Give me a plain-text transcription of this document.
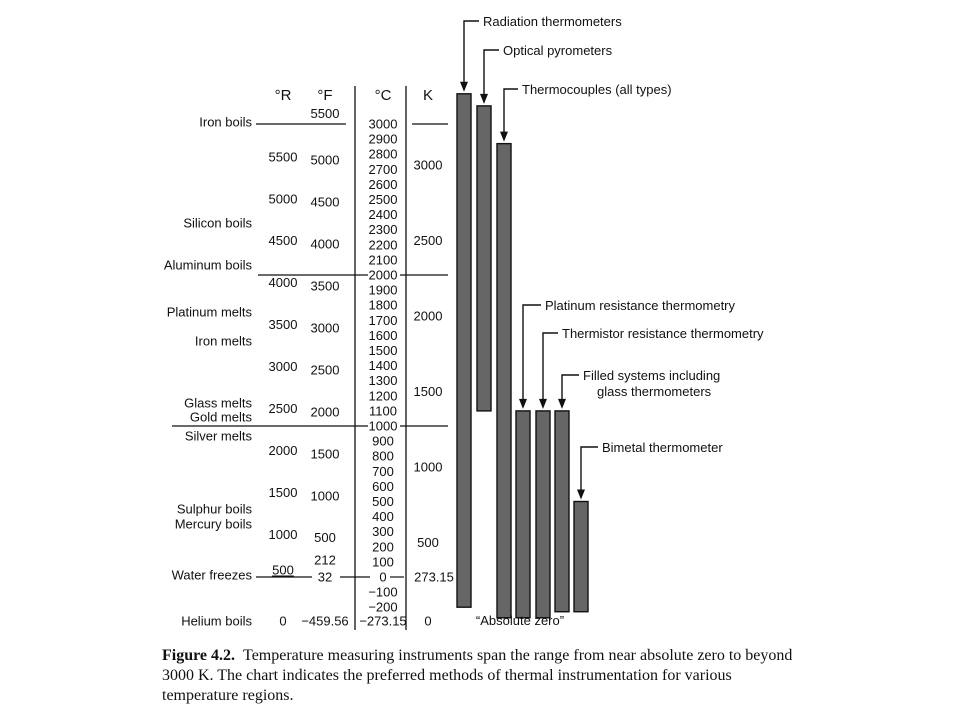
°R °F	°C K
3000
2900
2800
2700
2600
2500
2400
2300
2200
2100
2000
1900
1800
1700
1600
1500
1400
1300
1200
1100
1000
900
800
700
600
500
400
300
200
100
0
−100
−200
−273.15
5500
5000
4500
4000
3500
3000
2500
2000
1500
1000
500
212
32
−459.56
5500
5000
4500
4000
3500
3000
2500
2000
1500
1000
500
0
3000
2500
2000
1500
1000
500
273.15
0
Iron boils
Silicon boils
Aluminum boils
Platinum melts
Iron melts
Glass melts
Gold melts
Silver melts
Sulphur boils
Mercury boils
Water freezes
Helium boils
Radiation thermometers
Optical pyrometers
Thermocouples (all types)
Platinum resistance thermometry
Thermistor resistance thermometry
Filled systems including glass thermometers
Bimetal thermometer
“Absolute zero”
Figure 4.2. Temperature measuring instruments span the range from near absolute zero to beyond 3000 K. The chart indicates the preferred methods of thermal instrumentation for various temperature regions.
